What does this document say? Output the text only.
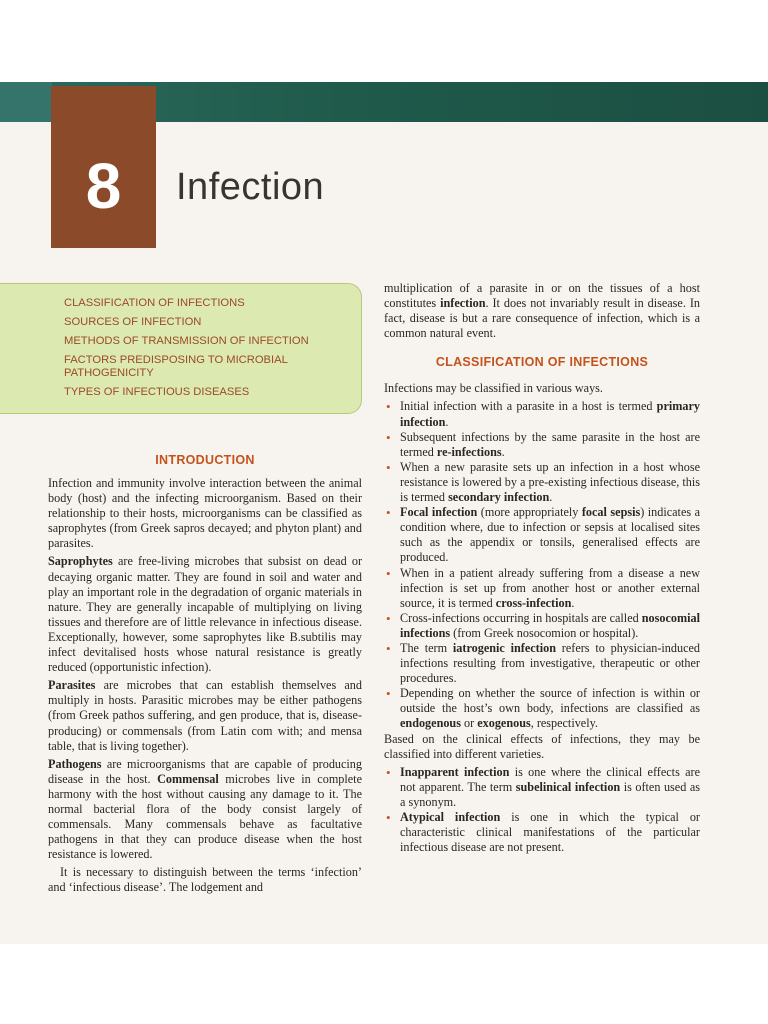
8	Infection
CLASSIFICATION OF INFECTIONS
SOURCES OF INFECTION
METHODS OF TRANSMISSION OF INFECTION
FACTORS PREDISPOSING TO MICROBIAL PATHOGENICITY
TYPES OF INFECTIOUS DISEASES
INTRODUCTION

Infection and immunity involve interaction between the animal body (host) and the infecting microorganism. Based on their relationship to their hosts, microorganisms can be classified as saprophytes (from Greek sapros decayed; and phyton plant) and parasites.

Saprophytes are free-living microbes that subsist on dead or decaying organic matter. They are found in soil and water and play an important role in the degradation of organic materials in nature. They are generally incapable of multiplying on living tissues and therefore are of little relevance in infectious disease. Exceptionally, however, some saprophytes like B.subtilis may infect devitalised hosts whose natural resistance is greatly reduced (opportunistic infection).

Parasites are microbes that can establish themselves and multiply in hosts. Parasitic microbes may be either pathogens (from Greek pathos suffering, and gen produce, that is, disease-producing) or commensals (from Latin com with; and mensa table, that is living together).

Pathogens are microorganisms that are capable of producing disease in the host. Commensal microbes live in complete harmony with the host without causing any damage to it. The normal bacterial flora of the body consist largely of commensals. Many commensals behave as facultative pathogens in that they can produce disease when the host resistance is lowered.

It is necessary to distinguish between the terms ‘infection’ and ‘infectious disease’. The lodgement and

multiplication of a parasite in or on the tissues of a host constitutes infection. It does not invariably result in disease. In fact, disease is but a rare consequence of infection, which is a common natural event.

CLASSIFICATION OF INFECTIONS

Infections may be classified in various ways.

• Initial infection with a parasite in a host is termed primary infection.
• Subsequent infections by the same parasite in the host are termed re-infections.
• When a new parasite sets up an infection in a host whose resistance is lowered by a pre-existing infectious disease, this is termed secondary infection.
• Focal infection (more appropriately focal sepsis) indicates a condition where, due to infection or sepsis at localised sites such as the appendix or tonsils, generalised effects are produced.
• When in a patient already suffering from a disease a new infection is set up from another host or another external source, it is termed cross-infection.
• Cross-infections occurring in hospitals are called nosocomial infections (from Greek nosocomion or hospital).
• The term iatrogenic infection refers to physician-induced infections resulting from investigative, therapeutic or other procedures.
• Depending on whether the source of infection is within or outside the host’s own body, infections are classified as endogenous or exogenous, respectively.

Based on the clinical effects of infections, they may be classified into different varieties.

• Inapparent infection is one where the clinical effects are not apparent. The term subelinical infection is often used as a synonym.
• Atypical infection is one in which the typical or characteristic clinical manifestations of the particular infectious disease are not present.
